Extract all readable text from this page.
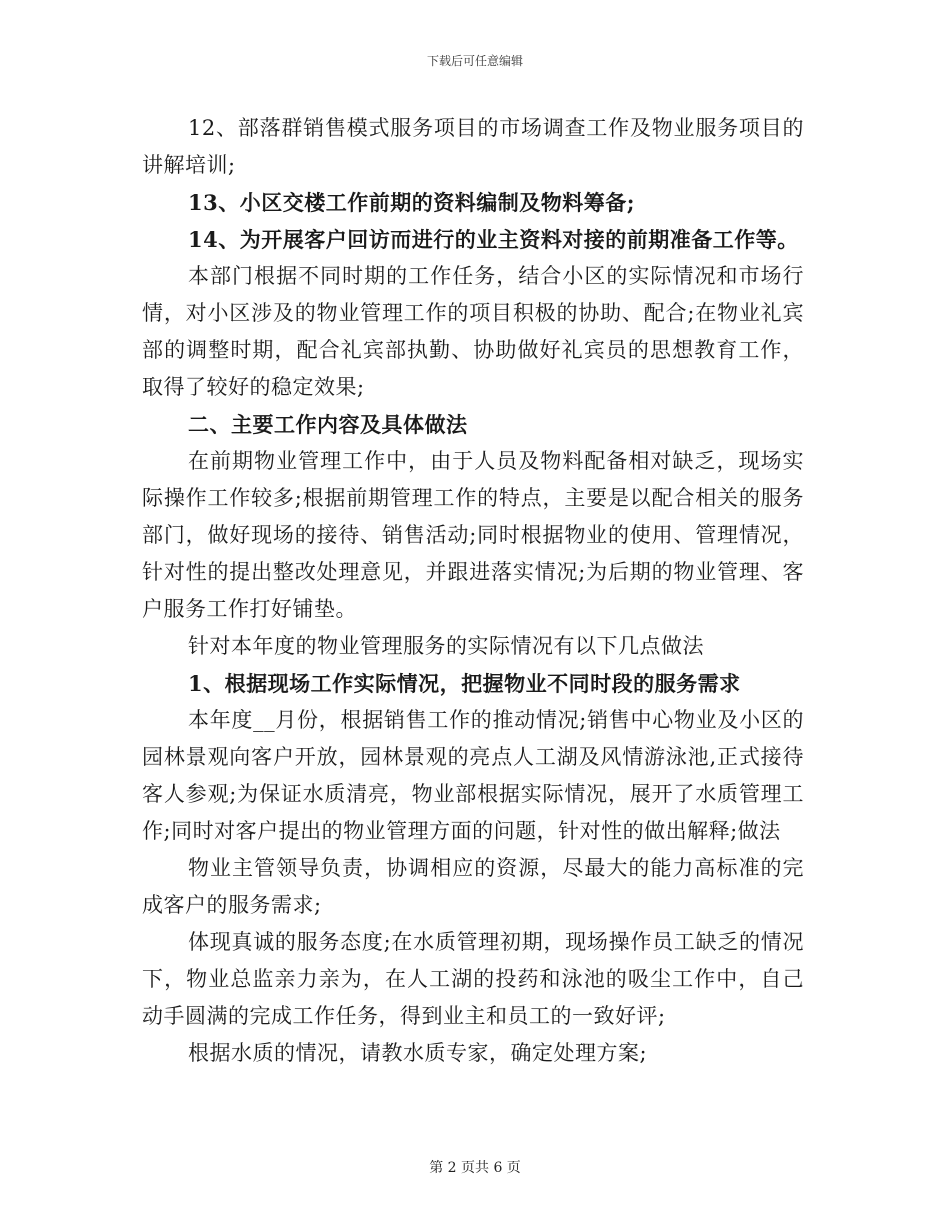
下载后可任意编辑

12、部落群销售模式服务项目的市场调查工作及物业服务项目的讲解培训;

13、小区交楼工作前期的资料编制及物料筹备;

14、为开展客户回访而进行的业主资料对接的前期准备工作等。

本部门根据不同时期的工作任务，结合小区的实际情况和市场行情，对小区涉及的物业管理工作的项目积极的协助、配合;在物业礼宾部的调整时期，配合礼宾部执勤、协助做好礼宾员的思想教育工作，取得了较好的稳定效果;

二、主要工作内容及具体做法

在前期物业管理工作中，由于人员及物料配备相对缺乏，现场实际操作工作较多;根据前期管理工作的特点，主要是以配合相关的服务部门，做好现场的接待、销售活动;同时根据物业的使用、管理情况，针对性的提出整改处理意见，并跟进落实情况;为后期的物业管理、客户服务工作打好铺垫。

针对本年度的物业管理服务的实际情况有以下几点做法

1、根据现场工作实际情况，把握物业不同时段的服务需求

本年度__月份，根据销售工作的推动情况;销售中心物业及小区的园林景观向客户开放，园林景观的亮点人工湖及风情游泳池,正式接待客人参观;为保证水质清亮，物业部根据实际情况，展开了水质管理工作;同时对客户提出的物业管理方面的问题，针对性的做出解释;做法

物业主管领导负责，协调相应的资源，尽最大的能力高标准的完成客户的服务需求;

体现真诚的服务态度;在水质管理初期，现场操作员工缺乏的情况下，物业总监亲力亲为，在人工湖的投药和泳池的吸尘工作中，自己动手圆满的完成工作任务，得到业主和员工的一致好评;

根据水质的情况，请教水质专家，确定处理方案;

第 2 页共 6 页
